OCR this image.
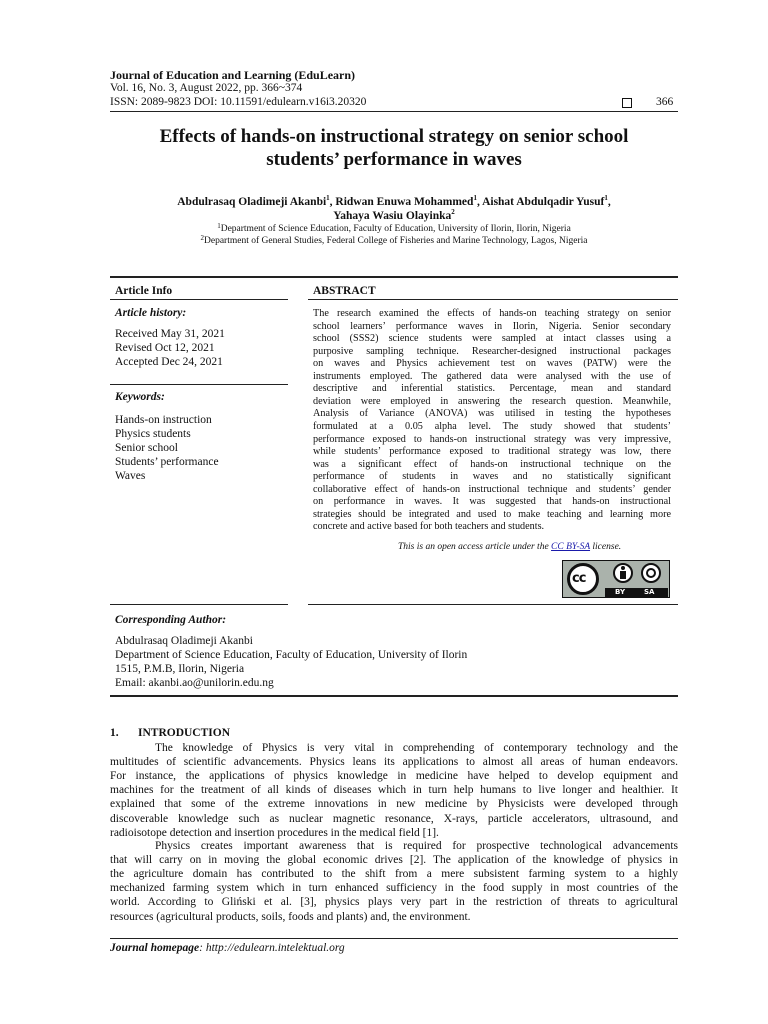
Journal of Education and Learning (EduLearn)
Vol. 16, No. 3, August 2022, pp. 366~374
ISSN: 2089-9823 DOI: 10.11591/edulearn.v16i3.20320	366
Effects of hands-on instructional strategy on senior school
students’ performance in waves
Abdulrasaq Oladimeji Akanbi$^1$, Ridwan Enuwa Mohammed$^1$, Aishat Abdulqadir Yusuf$^1$,
Yahaya Wasiu Olayinka$^2$
$^1$Department of Science Education, Faculty of Education, University of Ilorin, Ilorin, Nigeria
$^2$Department of General Studies, Federal College of Fisheries and Marine Technology, Lagos, Nigeria
Article Info
Article history:
Received May 31, 2021
Revised Oct 12, 2021
Accepted Dec 24, 2021
Keywords:
Hands-on instruction
Physics students
Senior school
Students’ performance
Waves
ABSTRACT
The research examined the effects of hands-on teaching strategy on senior
school learners’ performance waves in Ilorin, Nigeria. Senior secondary
school (SSS2) science students were sampled at intact classes using a
purposive sampling technique. Researcher-designed instructional packages
on waves and Physics achievement test on waves (PATW) were the
instruments employed. The gathered data were analysed with the use of
descriptive and inferential statistics. Percentage, mean and standard
deviation were employed in answering the research question. Meanwhile,
Analysis of Variance (ANOVA) was utilised in testing the hypotheses
formulated at a 0.05 alpha level. The study showed that students’
performance exposed to hands-on instructional strategy was very impressive,
while students’ performance exposed to traditional strategy was low, there
was a significant effect of hands-on instructional technique on the
performance of students in waves and no statistically significant
collaborative effect of hands-on instructional technique and students’ gender
on performance in waves. It was suggested that hands-on instructional
strategies should be integrated and used to make teaching and learning more
concrete and active based for both teachers and students.
This is an open access article under the CC BY-SA license.
cc
BY	SA
Corresponding Author:
Abdulrasaq Oladimeji Akanbi
Department of Science Education, Faculty of Education, University of Ilorin
1515, P.M.B, Ilorin, Nigeria
Email: akanbi.ao@unilorin.edu.ng
1. INTRODUCTION
The knowledge of Physics is very vital in comprehending of contemporary technology and the
multitudes of scientific advancements. Physics leans its applications to almost all areas of human endeavors.
For instance, the applications of physics knowledge in medicine have helped to develop equipment and
machines for the treatment of all kinds of diseases which in turn help humans to live longer and healthier. It
explained that some of the extreme innovations in new medicine by Physicists were developed through
discoverable knowledge such as nuclear magnetic resonance, X-rays, particle accelerators, ultrasound, and
radioisotope detection and insertion procedures in the medical field [1].
Physics creates important awareness that is required for prospective technological advancements
that will carry on in moving the global economic drives [2]. The application of the knowledge of physics in
the agriculture domain has contributed to the shift from a mere subsistent farming system to a highly
mechanized farming system which in turn enhanced sufficiency in the food supply in most countries of the
world. According to Gliński et al. [3], physics plays very part in the restriction of threats to agricultural
resources (agricultural products, soils, foods and plants) and, the environment.
Journal homepage: http://edulearn.intelektual.org
